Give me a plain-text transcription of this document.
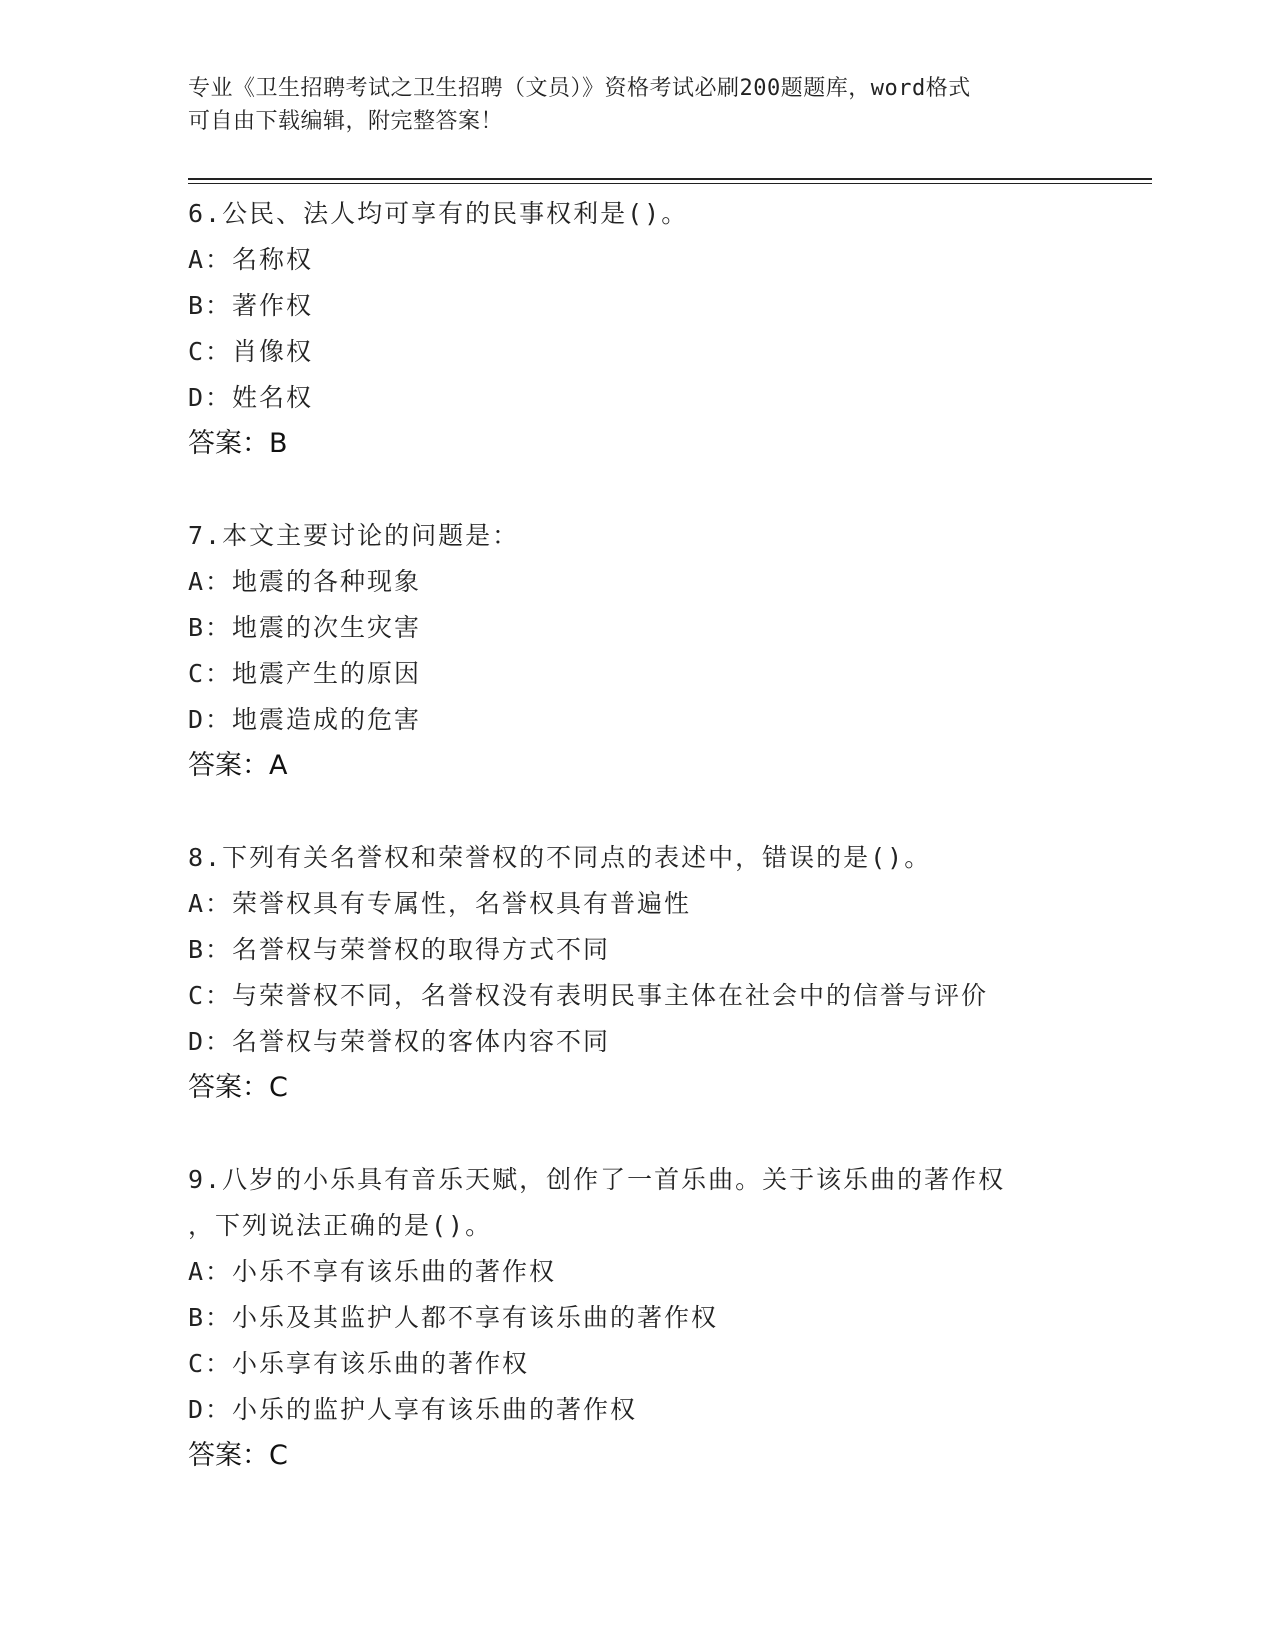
专业《卫生招聘考试之卫生招聘（文员）》资格考试必刷200题题库，word格式
可自由下载编辑，附完整答案！
6.公民、法人均可享有的民事权利是()。
A：名称权
B：著作权
C：肖像权
D：姓名权
答案：B
7.本文主要讨论的问题是：
A：地震的各种现象
B：地震的次生灾害
C：地震产生的原因
D：地震造成的危害
答案：A
8.下列有关名誉权和荣誉权的不同点的表述中，错误的是()。
A：荣誉权具有专属性，名誉权具有普遍性
B：名誉权与荣誉权的取得方式不同
C：与荣誉权不同，名誉权没有表明民事主体在社会中的信誉与评价
D：名誉权与荣誉权的客体内容不同
答案：C
9.八岁的小乐具有音乐天赋，创作了一首乐曲。关于该乐曲的著作权
，下列说法正确的是()。
A：小乐不享有该乐曲的著作权
B：小乐及其监护人都不享有该乐曲的著作权
C：小乐享有该乐曲的著作权
D：小乐的监护人享有该乐曲的著作权
答案：C
